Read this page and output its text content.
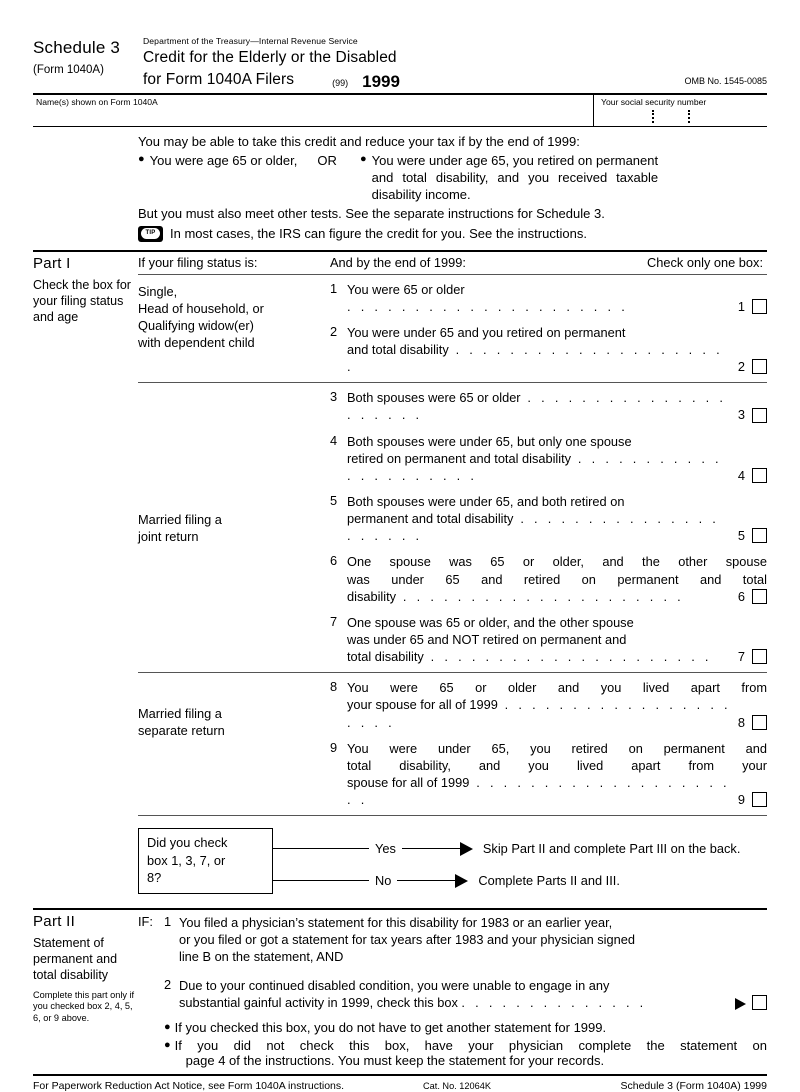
Schedule 3
(Form 1040A)
Department of the Treasury—Internal Revenue Service
Credit for the Elderly or the Disabled
for Form 1040A Filers	(99) 1999	OMB No. 1545-0085
Name(s) shown on Form 1040A	Your social security number
You may be able to take this credit and reduce your tax if by the end of 1999:
● You were age 65 or older, OR ● You were under age 65, you retired on permanent
and total disability, and you received taxable
disability income.
But you must also meet other tests. See the separate instructions for Schedule 3.
TIP	In most cases, the IRS can figure the credit for you. See the instructions.
Part I
Check the box for your filing status and age
If your filing status is:	And by the end of 1999:	Check only one box:
Single,
Head of household, or
Qualifying widow(er)
with dependent child
1 You were 65 or older
. . . . . . . . . . . . . . . . . . . . .	1
2 You were under 65 and you retired on permanent
and total disability . . . . . . . . . . . . . . . . . . . . .	2
Married filing a
joint return
3 Both spouses were 65 or older . . . . . . . . . . . . . . . . . . . . .	3
4 Both spouses were under 65, but only one spouse
retired on permanent and total disability . . . . . . . . . . . . . . . . . . . . .	4
5 Both spouses were under 65, and both retired on
permanent and total disability . . . . . . . . . . . . . . . . . . . . .	5
6 One spouse was 65 or older, and the other spouse
was under 65 and retired on permanent and total
disability . . . . . . . . . . . . . . . . . . . . .	6
7 One spouse was 65 or older, and the other spouse
was under 65 and NOT retired on permanent and
total disability . . . . . . . . . . . . . . . . . . . . .	7
Married filing a
separate return
8 You were 65 or older and you lived apart from
your spouse for all of 1999 . . . . . . . . . . . . . . . . . . . . .	8
9 You were under 65, you retired on permanent and
total disability, and you lived apart from your
spouse for all of 1999 . . . . . . . . . . . . . . . . . . . . .	9
Did you check
box 1, 3, 7, or
8?
Yes	Skip Part II and complete Part III on the back.
No	Complete Parts II and III.
Part II
Statement of permanent and total disability
Complete this part only if you checked box 2, 4, 5, 6, or 9 above.
IF: 1 You filed a physician’s statement for this disability for 1983 or an earlier year,
or you filed or got a statement for tax years after 1983 and your physician signed
line B on the statement, AND
2 Due to your continued disabled condition, you were unable to engage in any
substantial gainful activity in 1999, check this box . . . . . . . . . . . . . .
● If you checked this box, you do not have to get another statement for 1999.
● If you did not check this box, have your physician complete the statement on
page 4 of the instructions. You must keep the statement for your records.
For Paperwork Reduction Act Notice, see Form 1040A instructions.	Cat. No. 12064K	Schedule 3 (Form 1040A) 1999
